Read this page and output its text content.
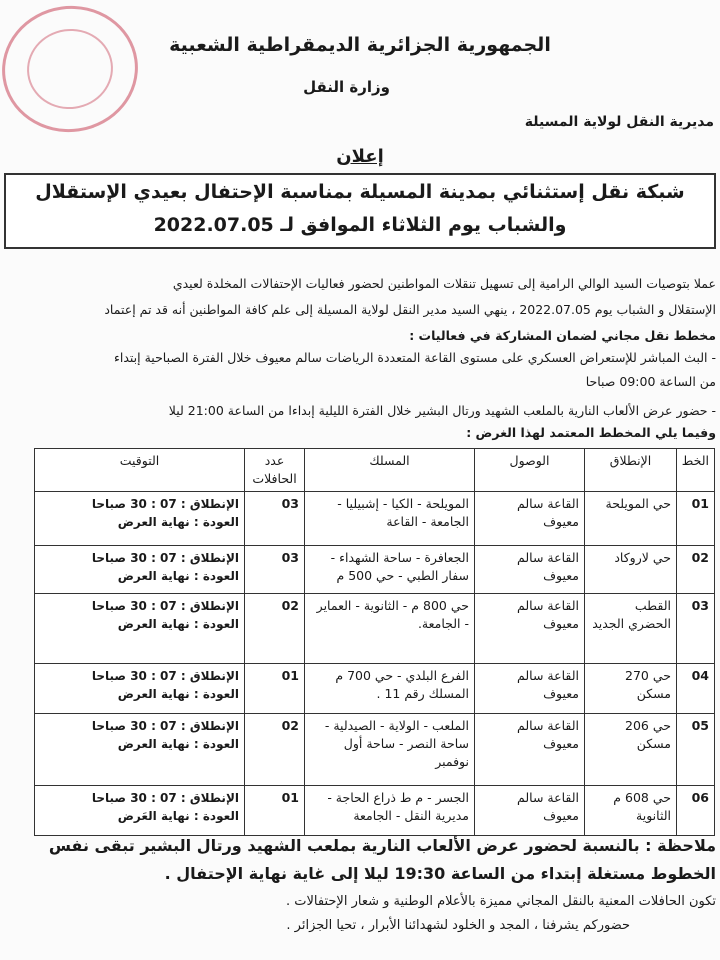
الجمهورية الجزائرية الديمقراطية الشعبية
وزارة النقل
مديرية النقل لولاية المسيلة
إعلان
شبكة نقل إستثنائي بمدينة المسيلة بمناسبة الإحتفال بعيدي الإستقلال
والشباب يوم الثلاثاء الموافق لـ 2022.07.05
عملا بتوصيات السيد الوالي الرامية إلى تسهيل تنقلات المواطنين لحضور فعاليات الإحتفالات المخلدة لعيدي
الإستقلال و الشباب يوم 2022.07.05 ، ينهي السيد مدير النقل لولاية المسيلة إلى علم كافة المواطنين أنه قد تم إعتماد
مخطط نقل مجاني لضمان المشاركة في فعاليات :
- البث المباشر للإستعراض العسكري على مستوى القاعة المتعددة الرياضات سالم معيوف خلال الفترة الصباحية إبتداء
من الساعة 09:00 صباحا
- حضور عرض الألعاب النارية بالملعب الشهيد ورتال البشير خلال الفترة الليلية إبداءا من الساعة 21:00 ليلا
وفيما يلي المخطط المعتمد لهذا الغرض :
الخط	الإنطلاق	الوصول	المسلك	عدد الحافلات	التوقيت
01	حي المويلحة	القاعة سالم معيوف	المويلحة - الكيا - إشبيليا - الجامعة - القاعة	03	الإنطلاق : 07 : 30 صباحا
العودة : نهاية العرض

02	حي لاروكاد	القاعة سالم معيوف	الجعافرة - ساحة الشهداء - سفار الطبي - حي 500 م	03	الإنطلاق : 07 : 30 صباحا
العودة : نهاية العرض

03	القطب الحضري الجديد	القاعة سالم معيوف	حي 800 م - الثانوية - العماير - الجامعة.	02	الإنطلاق : 07 : 30 صباحا
العودة : نهاية العرض

04	حي 270 مسكن	القاعة سالم معيوف	الفرع البلدي - حي 700 م المسلك رقم 11 .	01	الإنطلاق : 07 : 30 صباحا
العودة : نهاية العرض

05	حي 206 مسكن	القاعة سالم معيوف	الملعب - الولاية - الصيدلية - ساحة النصر - ساحة أول نوفمبر	02	الإنطلاق : 07 : 30 صباحا
العودة : نهاية العرض

06	حي 608 م الثانوية	القاعة سالم معيوف	الجسر - م ط ذراع الحاجة - مديرية النقل - الجامعة	01	الإنطلاق : 07 : 30 صباحا
العودة : نهاية العَرض
ملاحظة : بالنسبة لحضور عرض الألعاب النارية بملعب الشهيد ورتال البشير تبقى نفس
الخطوط مستغلة إبتداء من الساعة 19:30 ليلا إلى غاية نهاية الإحتفال .
تكون الحافلات المعنية بالنقل المجاني مميزة بالأعلام الوطنية و شعار الإحتفالات .
حضوركم يشرفنا ، المجد و الخلود لشهدائنا الأبرار ، تحيا الجزائر .
